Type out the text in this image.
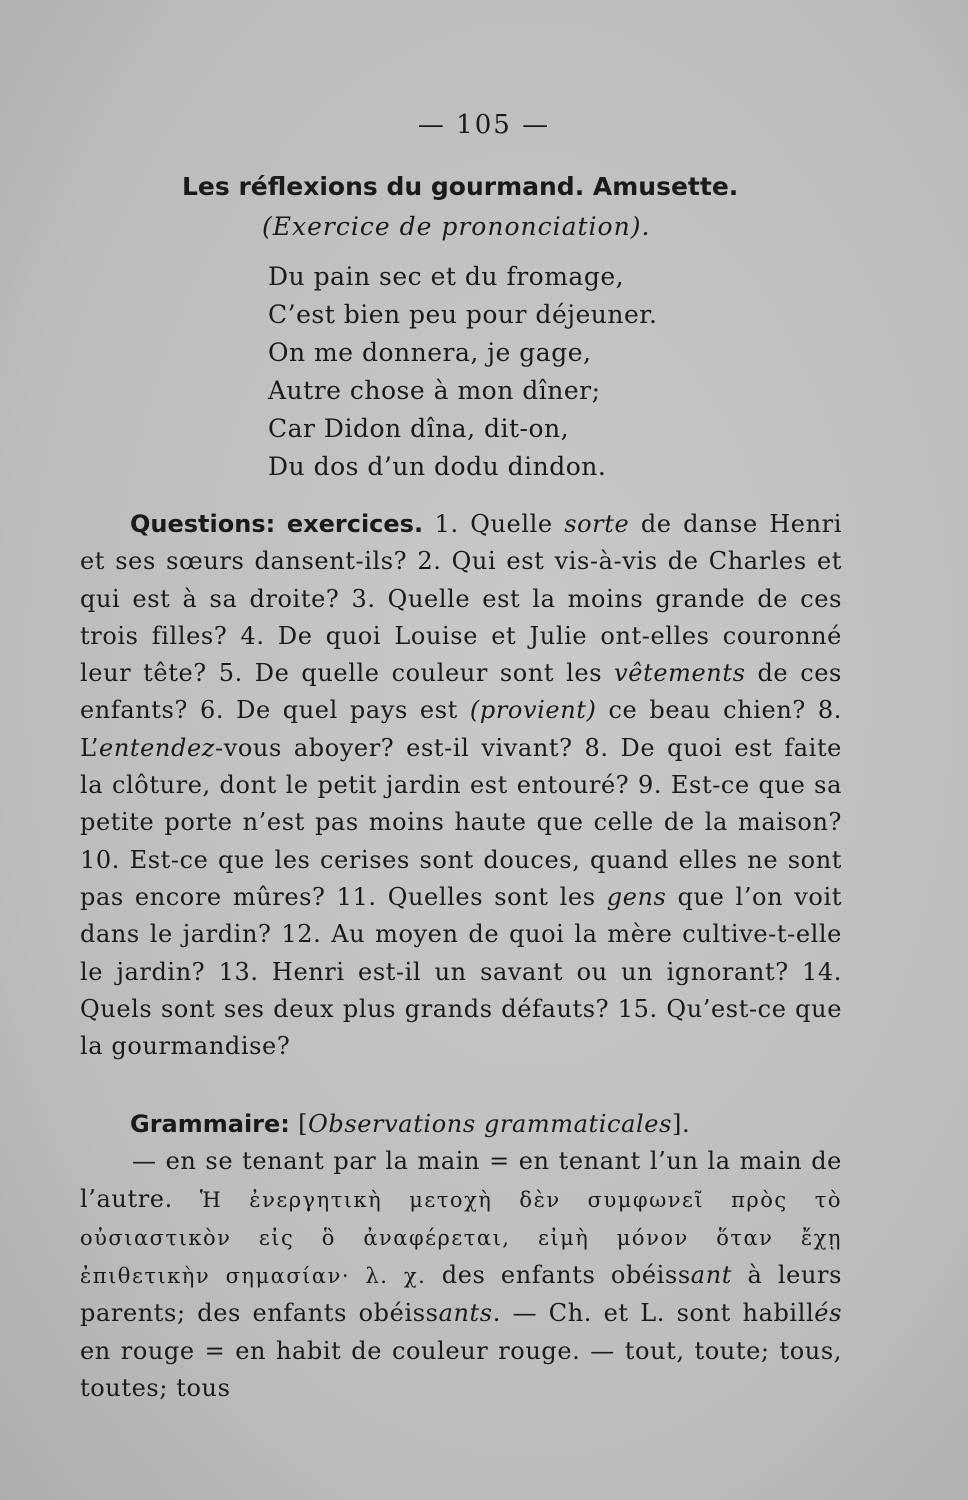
— 105 —
Les réflexions du gourmand. Amusette.
(Exercice de prononciation).
Du pain sec et du fromage,
C’est bien peu pour déjeuner.
On me donnera, je gage,
Autre chose à mon dîner;
Car Didon dîna, dit-on,
Du dos d’un dodu dindon.
Questions: exercices. 1. Quelle sorte de danse Henri et ses sœurs dansent-ils? 2. Qui est vis-à-vis de Charles et qui est à sa droite? 3. Quelle est la moins grande de ces trois filles? 4. De quoi Louise et Julie ont-elles couronné leur tête? 5. De quelle couleur sont les vêtements de ces enfants? 6. De quel pays est (provient) ce beau chien? 8. L’entendez-vous aboyer? est-il vivant? 8. De quoi est faite la clôture, dont le petit jardin est entouré? 9. Est-ce que sa petite porte n’est pas moins haute que celle de la maison? 10. Est-ce que les cerises sont douces, quand elles ne sont pas encore mûres? 11. Quelles sont les gens que l’on voit dans le jardin? 12. Au moyen de quoi la mère cultive-t-elle le jardin? 13. Henri est-il un savant ou un ignorant? 14. Quels sont ses deux plus grands défauts? 15. Qu’est-ce que la gourmandise?
Grammaire: [Observations grammaticales].
— en se tenant par la main = en tenant l’un la main de l’autre. Ἡ ἐνεργητικὴ μετοχὴ δὲν συμφωνεῖ πρὸς τὸ οὐσιαστικὸν εἰς ὃ ἀναφέρεται, εἰμὴ μόνον ὅταν ἔχῃ ἐπιθετικὴν σημασίαν· λ. χ. des enfants obéissant à leurs parents; des enfants obéissants. — Ch. et L. sont habillés en rouge = en habit de couleur rouge. — tout, toute; tous, toutes; tous
